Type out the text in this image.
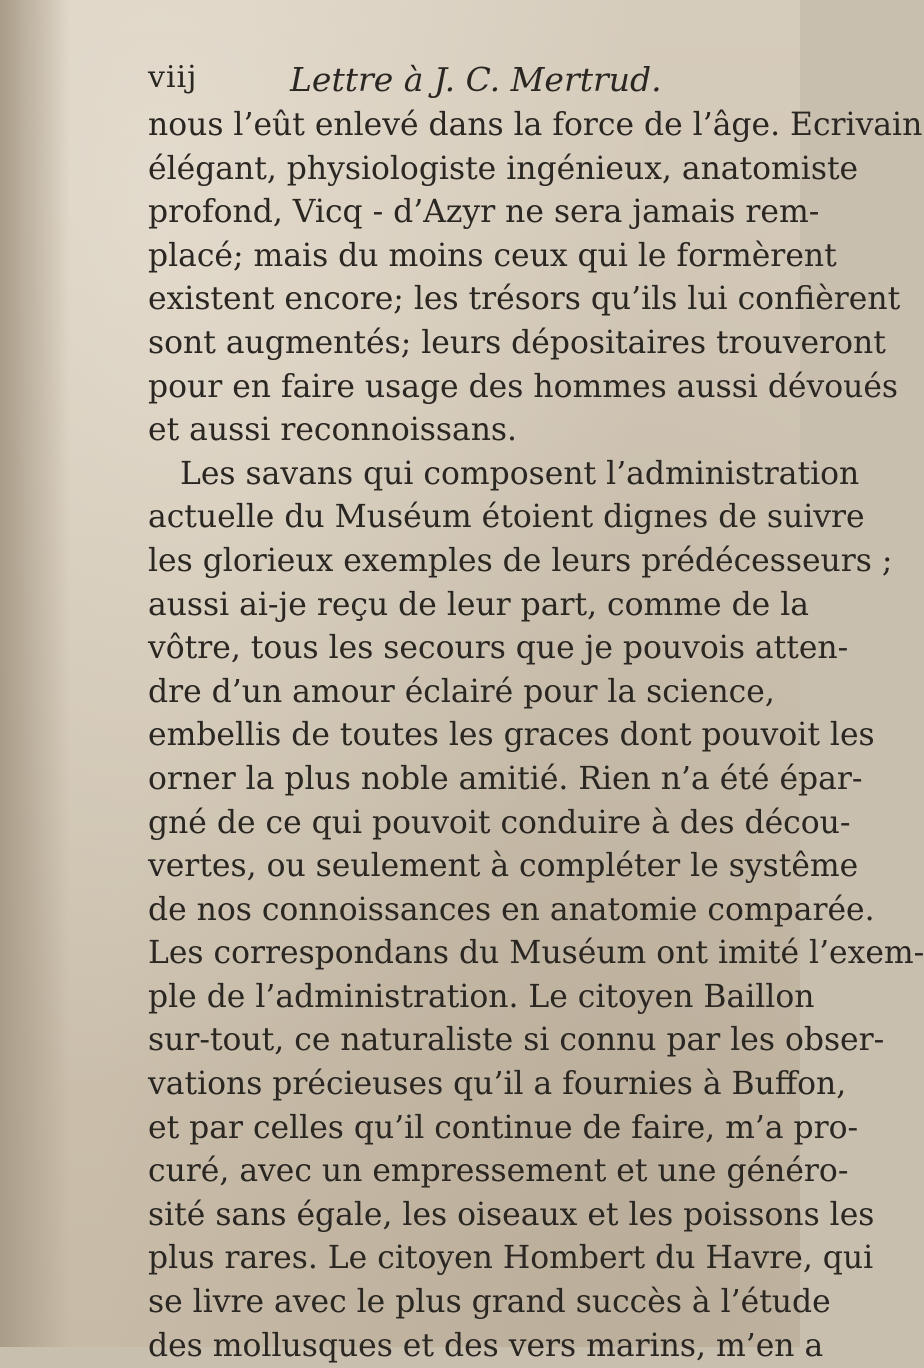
viij	Lettre à J. C. Mertrud.
nous l’eût enlevé dans la force de l’âge. Ecrivain
élégant, physiologiste ingénieux, anatomiste
profond, Vicq - d’Azyr ne sera jamais rem-
placé; mais du moins ceux qui le formèrent
existent encore; les trésors qu’ils lui confièrent
sont augmentés; leurs dépositaires trouveront
pour en faire usage des hommes aussi dévoués
et aussi reconnoissans.
Les savans qui composent l’administration
actuelle du Muséum étoient dignes de suivre
les glorieux exemples de leurs prédécesseurs ;
aussi ai-je reçu de leur part, comme de la
vôtre, tous les secours que je pouvois atten-
dre d’un amour éclairé pour la science,
embellis de toutes les graces dont pouvoit les
orner la plus noble amitié. Rien n’a été épar-
gné de ce qui pouvoit conduire à des décou-
vertes, ou seulement à compléter le systême
de nos connoissances en anatomie comparée.
Les correspondans du Muséum ont imité l’exem-
ple de l’administration. Le citoyen Baillon
sur-tout, ce naturaliste si connu par les obser-
vations précieuses qu’il a fournies à Buffon,
et par celles qu’il continue de faire, m’a pro-
curé, avec un empressement et une générо-
sité sans égale, les oiseaux et les poissons les
plus rares. Le citoyen Hombert du Havre, qui
se livre avec le plus grand succès à l’étude
des mollusques et des vers marins, m’en a
